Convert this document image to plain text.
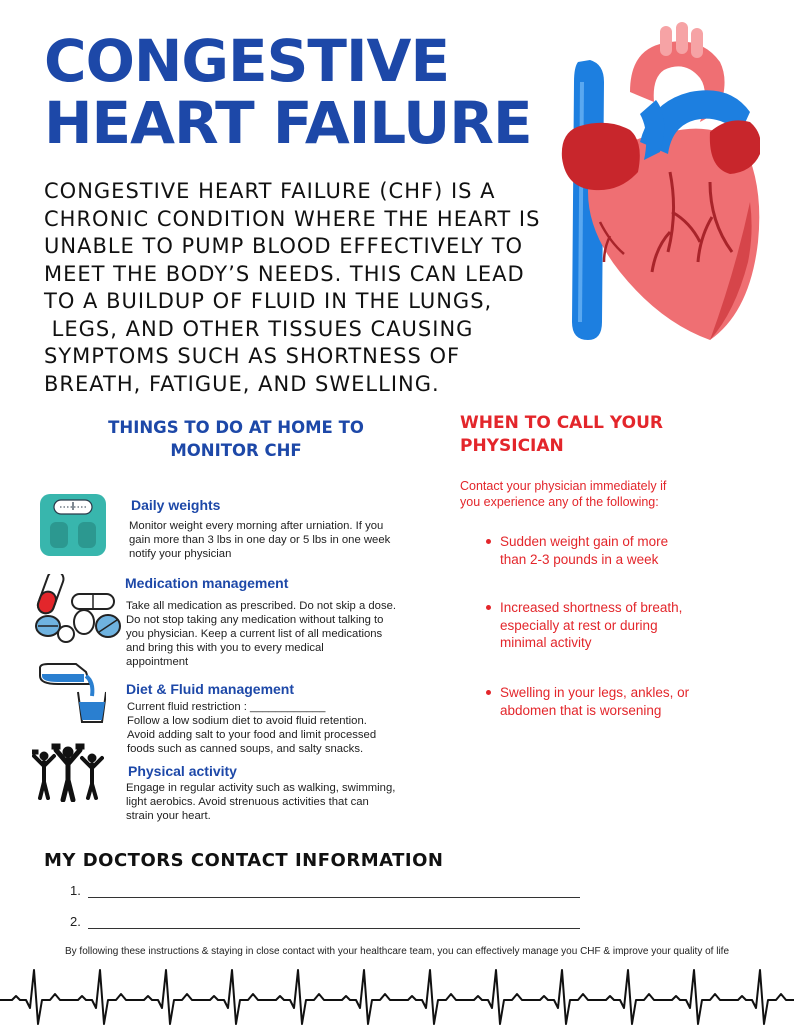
CONGESTIVE
HEART FAILURE

CONGESTIVE HEART FAILURE (CHF) IS A
CHRONIC CONDITION WHERE THE HEART IS
UNABLE TO PUMP BLOOD EFFECTIVELY TO
MEET THE BODY’S NEEDS. THIS CAN LEAD
TO A BUILDUP OF FLUID IN THE LUNGS,
LEGS, AND OTHER TISSUES CAUSING
SYMPTOMS SUCH AS SHORTNESS OF
BREATH, FATIGUE, AND SWELLING.

THINGS TO DO AT HOME TO
MONITOR CHF

Daily weights

Monitor weight every morning after urniation. If you
gain more than 3 lbs in one day or 5 lbs in one week
notify your physician

Medication management

Take all medication as prescribed. Do not skip a dose.
Do not stop taking any medication without talking to
you physician. Keep a current list of all medications
and bring this with you to every medical
appointment

Diet & Fluid management

Current fluid restriction : ____________
Follow a low sodium diet to avoid fluid retention.
Avoid adding salt to your food and limit processed
foods such as canned soups, and salty snacks.

Physical activity

Engage in regular activity such as walking, swimming,
light aerobics. Avoid strenuous activities that can
strain your heart.

WHEN TO CALL YOUR
PHYSICIAN

Contact your physician immediately if
you experience any of the following:

Sudden weight gain of more
than 2-3 pounds in a week
Increased shortness of breath,
especially at rest or during
minimal activity
Swelling in your legs, ankles, or
abdomen that is worsening
MY DOCTORS CONTACT INFORMATION
1.
2.

By following these instructions & staying in close contact with your healthcare team, you can effectively manage you CHF & improve your quality of life
